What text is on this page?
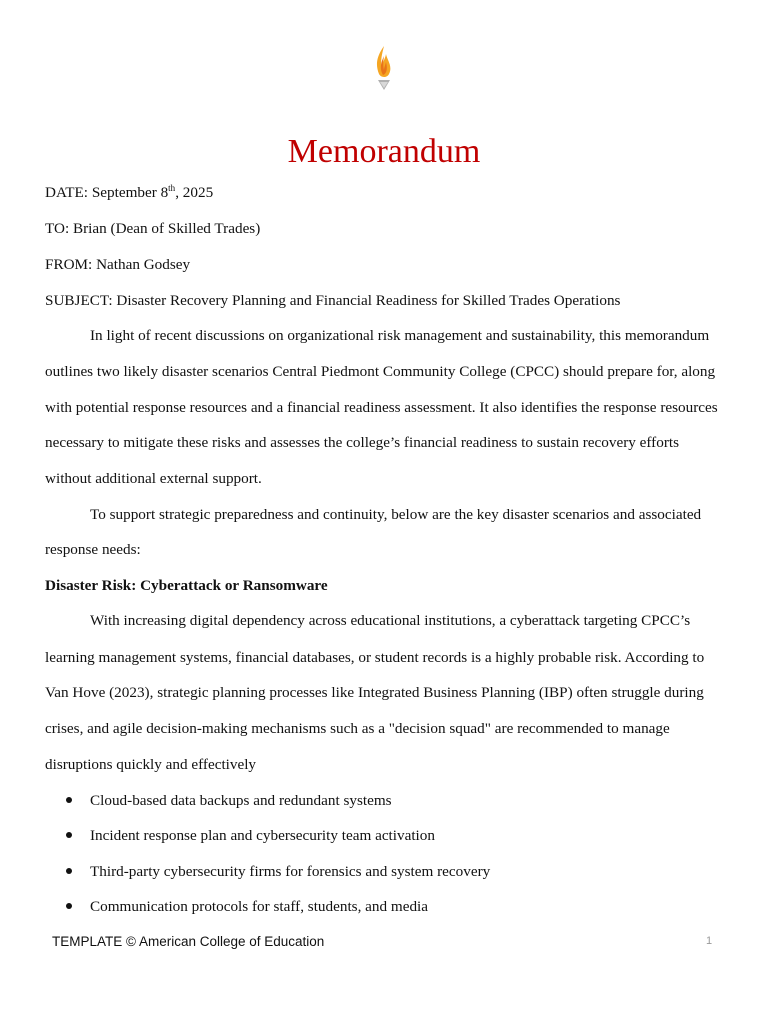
Memorandum
DATE: September 8th, 2025
TO: Brian (Dean of Skilled Trades)
FROM: Nathan Godsey
SUBJECT: Disaster Recovery Planning and Financial Readiness for Skilled Trades Operations
In light of recent discussions on organizational risk management and sustainability, this memorandum
outlines two likely disaster scenarios Central Piedmont Community College (CPCC) should prepare for, along
with potential response resources and a financial readiness assessment. It also identifies the response resources
necessary to mitigate these risks and assesses the college’s financial readiness to sustain recovery efforts
without additional external support.
To support strategic preparedness and continuity, below are the key disaster scenarios and associated
response needs:
Disaster Risk: Cyberattack or Ransomware
With increasing digital dependency across educational institutions, a cyberattack targeting CPCC’s
learning management systems, financial databases, or student records is a highly probable risk. According to
Van Hove (2023), strategic planning processes like Integrated Business Planning (IBP) often struggle during
crises, and agile decision-making mechanisms such as a "decision squad" are recommended to manage
disruptions quickly and effectively
Cloud-based data backups and redundant systems
Incident response plan and cybersecurity team activation
Third-party cybersecurity firms for forensics and system recovery
Communication protocols for staff, students, and media
TEMPLATE © American College of Education	1
